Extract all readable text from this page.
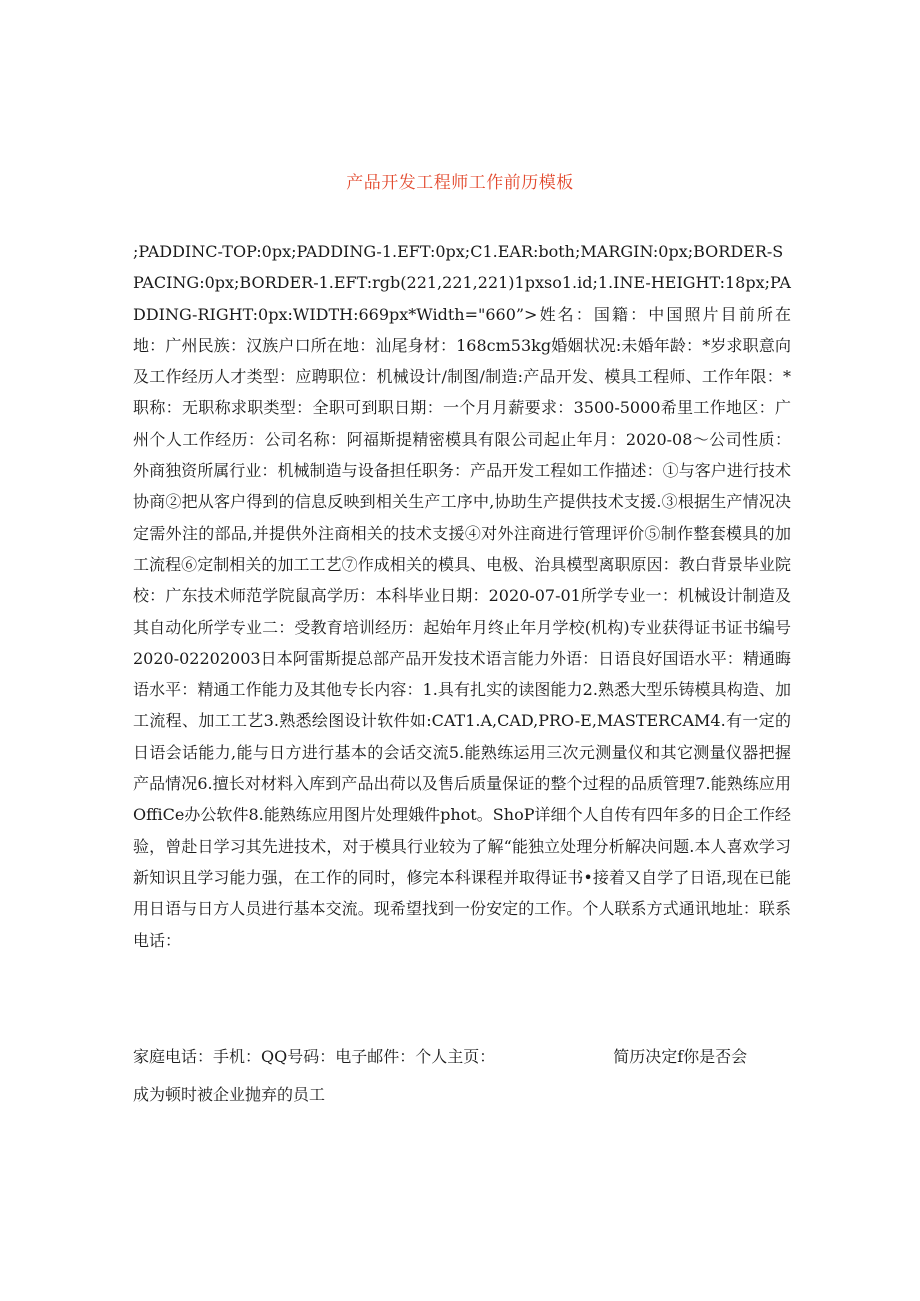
产品开发工程师工作前历模板

;PADDINC-TOP:0px;PADDING-1.EFT:0px;C1.EAR:both;MARGIN:0px;BORDER-SPACING:0px;BORDER-1.EFT:rgb(221,221,221)1pxso1.id;1.INE-HEIGHT:18px;PADDING-RIGHT:0px:WIDTH:669px*Width="660”>姓名：国籍：中国照片目前所在地：广州民族：汉族户口所在地：汕尾身材：168cm53kg婚姻状况:未婚年龄：*岁求职意向及工作经历人才类型：应聘职位：机械设计/制图/制造:产品开发、模具工程师、工作年限：*职称：无职称求职类型：全职可到职日期：一个月月薪要求：3500-5000希里工作地区：广州个人工作经历：公司名称：阿福斯提精密模具有限公司起止年月：2020-08～公司性质：外商独资所属行业：机械制造与设备担任职务：产品开发工程如工作描述：①与客户进行技术协商②把从客户得到的信息反映到相关生产工序中,协助生产提供技术支援.③根据生产情况决定需外注的部品,并提供外注商相关的技术支援④对外注商进行管理评价⑤制作整套模具的加工流程⑥定制相关的加工工艺⑦作成相关的模具、电极、治具模型离职原因：教白背景毕业院校：广东技术师范学院鼠高学历：本科毕业日期：2020-07-01所学专业一：机械设计制造及其自动化所学专业二：受教育培训经历：起始年月终止年月学校(机构)专业获得证书证书编号2020-02202003日本阿雷斯提总部产品开发技术语言能力外语：日语良好国语水平：精通晦语水平：精通工作能力及其他专长内容：1.具有扎实的读图能力2.熟悉大型乐铸模具构造、加工流程、加工工艺3.熟悉绘图设计软件如:CAT1.A,CAD,PRO-E,MASTERCAM4.有一定的日语会话能力,能与日方进行基本的会话交流5.能熟练运用三次元测量仪和其它测量仪器把握产品情况6.擅长对材料入库到产品出荷以及售后质量保证的整个过程的品质管理7.能熟练应用OffiCe办公软件8.能熟练应用图片处理娥件phot。ShoP详细个人自传有四年多的日企工作经验，曾赴日学习其先进技术，对于模具行业较为了解“能独立处理分析解决问题.本人喜欢学习新知识且学习能力强，在工作的同时，修完本科课程并取得证书•接着又自学了日语,现在已能用日语与日方人员进行基本交流。现希望找到一份安定的工作。个人联系方式通讯地址：联系电话：

家庭电话：手机：QQ号码：电子邮件：个人主页：	简历决定f你是否会
成为顿时被企业抛弃的员工
